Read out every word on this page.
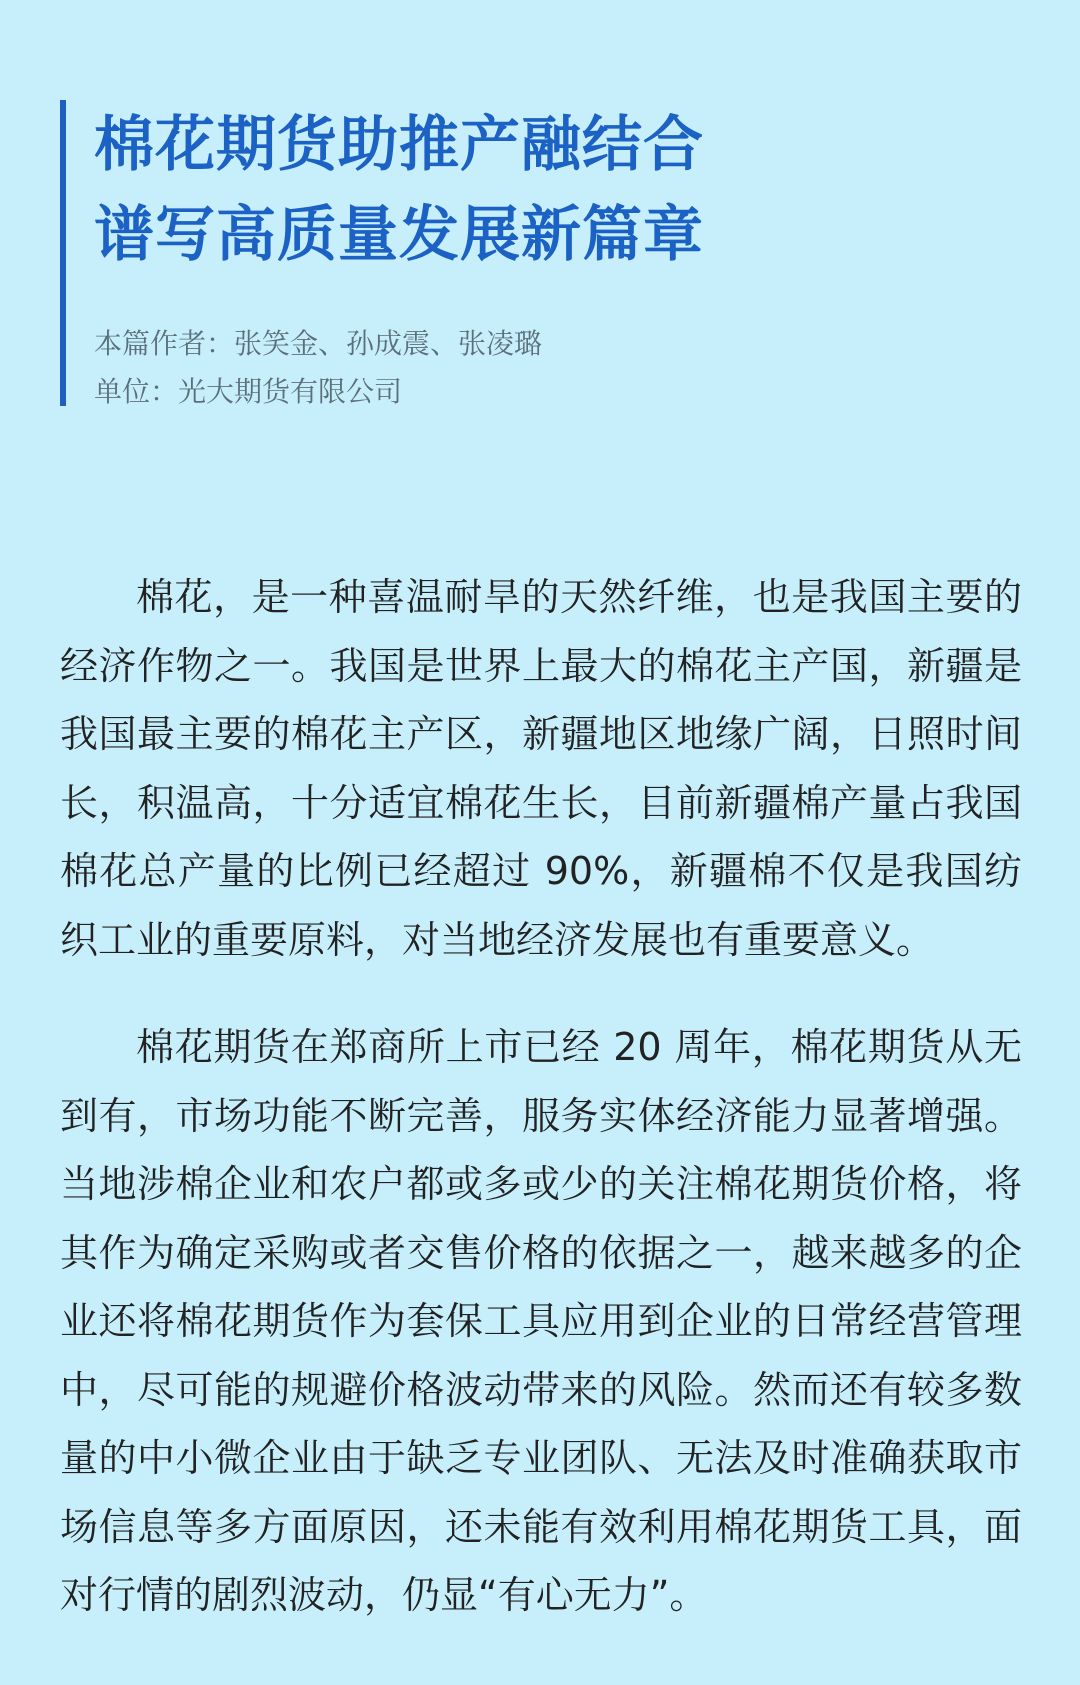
棉花期货助推产融结合
谱写高质量发展新篇章
本篇作者：张笑金、孙成震、张凌璐
单位：光大期货有限公司

棉花，是一种喜温耐旱的天然纤维，也是我国主要的经济作物之一。我国是世界上最大的棉花主产国，新疆是我国最主要的棉花主产区，新疆地区地缘广阔，日照时间长，积温高，十分适宜棉花生长，目前新疆棉产量占我国棉花总产量的比例已经超过 90%，新疆棉不仅是我国纺织工业的重要原料，对当地经济发展也有重要意义。

棉花期货在郑商所上市已经 20 周年，棉花期货从无到有，市场功能不断完善，服务实体经济能力显著增强。当地涉棉企业和农户都或多或少的关注棉花期货价格，将其作为确定采购或者交售价格的依据之一，越来越多的企业还将棉花期货作为套保工具应用到企业的日常经营管理中，尽可能的规避价格波动带来的风险。然而还有较多数量的中小微企业由于缺乏专业团队、无法及时准确获取市场信息等多方面原因，还未能有效利用棉花期货工具，面对行情的剧烈波动，仍显“有心无力”。
